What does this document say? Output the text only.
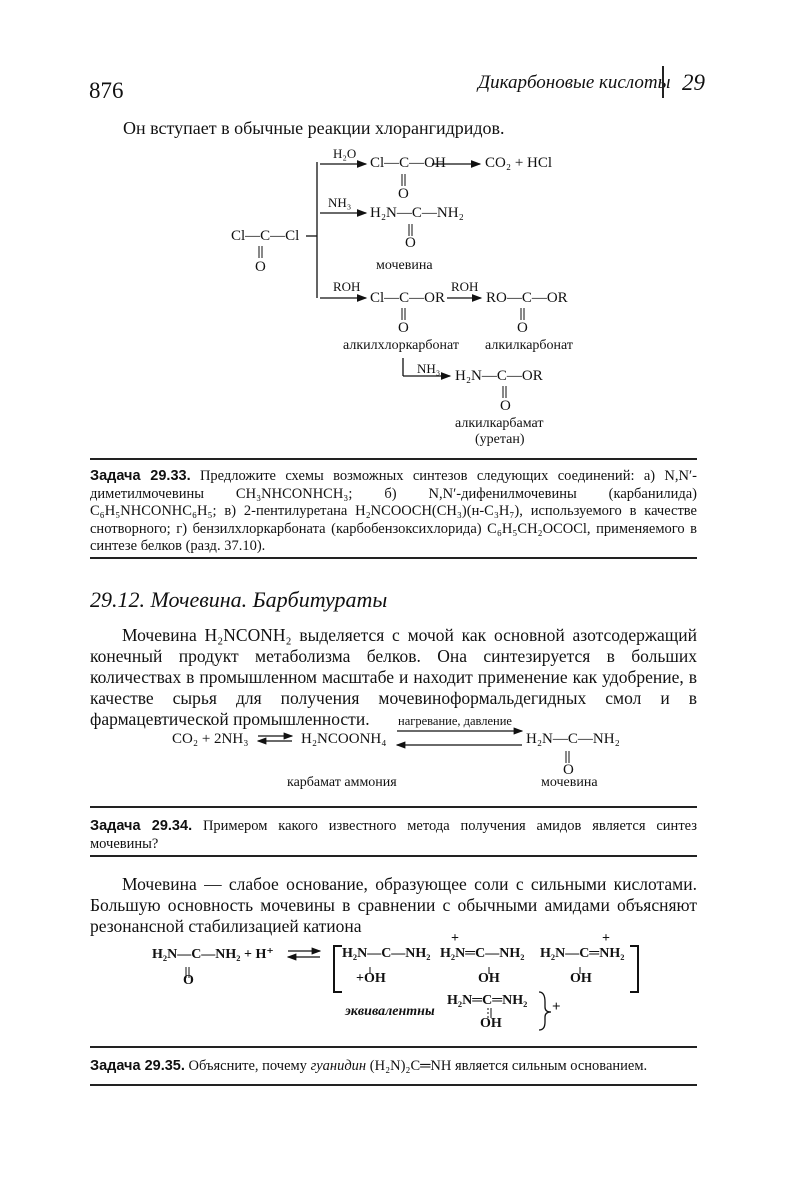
876	Дикарбоновые кислоты 29
Он вступает в обычные реакции хлорангидридов.
Cl—C—Cl
O
H₂O
Cl—C—OH
O
CO₂ + HCl
NH₃
H₂N—C—NH₂
O
мочевина
ROH
Cl—C—OR
O
ROH
RO—C—OR
O
алкилхлоркарбонат алкилкарбонат
NH₃ H₂N—C—OR
O
алкилкарбамат
(уретан)
Задача 29.33. Предложите схемы возможных синтезов следующих соединений: а) N,N′-диметилмочевины CH₃NHCONHCH₃; б) N,N′-дифенилмочевины (карбанилида) C₆H₅NHCONHC₆H₅; в) 2-пентилуретана H₂NCOOCH(CH₃)(н-C₃H₇), используемого в качестве снотворного; г) бензилхлоркарбоната (карбобензоксихлорида) C₆H₅CH₂OCOCl, применяемого в синтезе белков (разд. 37.10).
29.12. Мочевина. Барбитураты
Мочевина H₂NCONH₂ выделяется с мочой как основной азотсодержащий конечный продукт метаболизма белков. Она синтезируется в больших количествах в промышленном масштабе и находит применение как удобрение, в качестве сырья для получения мочевиноформальдегидных смол и в фармацевтической промышленности.
CO₂ + 2NH₃	H₂NCOONH₄
нагревание, давление
H₂N—C—NH₂
O
карбамат аммония	мочевина
Задача 29.34. Примером какого известного метода получения амидов является синтез мочевины?
Мочевина — слабое основание, образующее соли с сильными кислотами. Большую основность мочевины в сравнении с обычными амидами объясняют резонансной стабилизацией катиона
H₂N—C—NH₂ + H⁺
O
H₂N—C—NH₂
+OH
+
H₂N═C—NH₂
OH
+
H₂N—C═NH₂
OH
эквивалентны
H₂N═C═NH₂
OH
+
Задача 29.35. Объясните, почему гуанидин (H₂N)₂C═NH является сильным основанием.
